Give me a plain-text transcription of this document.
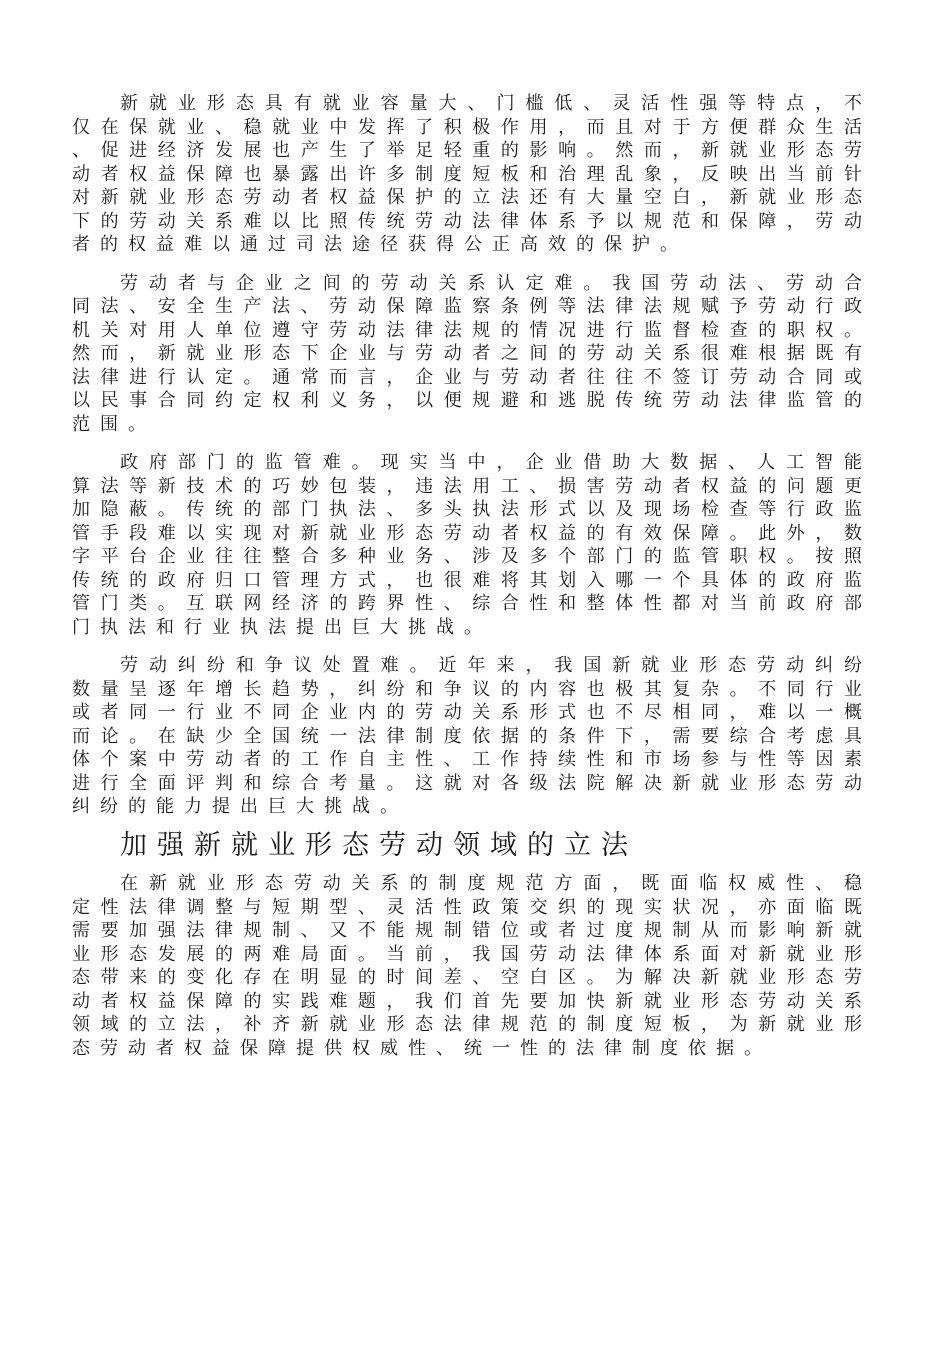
新就业形态具有就业容量大、门槛低、灵活性强等特点，不仅在保就业、稳就业中发挥了积极作用，而且对于方便群众生活、促进经济发展也产生了举足轻重的影响。然而，新就业形态劳动者权益保障也暴露出许多制度短板和治理乱象，反映出当前针对新就业形态劳动者权益保护的立法还有大量空白，新就业形态下的劳动关系难以比照传统劳动法律体系予以规范和保障，劳动者的权益难以通过司法途径获得公正高效的保护。

劳动者与企业之间的劳动关系认定难。我国劳动法、劳动合同法、安全生产法、劳动保障监察条例等法律法规赋予劳动行政机关对用人单位遵守劳动法律法规的情况进行监督检查的职权。然而，新就业形态下企业与劳动者之间的劳动关系很难根据既有法律进行认定。通常而言，企业与劳动者往往不签订劳动合同或以民事合同约定权利义务，以便规避和逃脱传统劳动法律监管的范围。

政府部门的监管难。现实当中，企业借助大数据、人工智能算法等新技术的巧妙包装，违法用工、损害劳动者权益的问题更加隐蔽。传统的部门执法、多头执法形式以及现场检查等行政监管手段难以实现对新就业形态劳动者权益的有效保障。此外，数字平台企业往往整合多种业务、涉及多个部门的监管职权。按照传统的政府归口管理方式，也很难将其划入哪一个具体的政府监管门类。互联网经济的跨界性、综合性和整体性都对当前政府部门执法和行业执法提出巨大挑战。

劳动纠纷和争议处置难。近年来，我国新就业形态劳动纠纷数量呈逐年增长趋势，纠纷和争议的内容也极其复杂。不同行业或者同一行业不同企业内的劳动关系形式也不尽相同，难以一概而论。在缺少全国统一法律制度依据的条件下，需要综合考虑具体个案中劳动者的工作自主性、工作持续性和市场参与性等因素进行全面评判和综合考量。这就对各级法院解决新就业形态劳动纠纷的能力提出巨大挑战。

加强新就业形态劳动领域的立法

在新就业形态劳动关系的制度规范方面，既面临权威性、稳定性法律调整与短期型、灵活性政策交织的现实状况，亦面临既需要加强法律规制、又不能规制错位或者过度规制从而影响新就业形态发展的两难局面。当前，我国劳动法律体系面对新就业形态带来的变化存在明显的时间差、空白区。为解决新就业形态劳动者权益保障的实践难题，我们首先要加快新就业形态劳动关系领域的立法，补齐新就业形态法律规范的制度短板，为新就业形态劳动者权益保障提供权威性、统一性的法律制度依据。
